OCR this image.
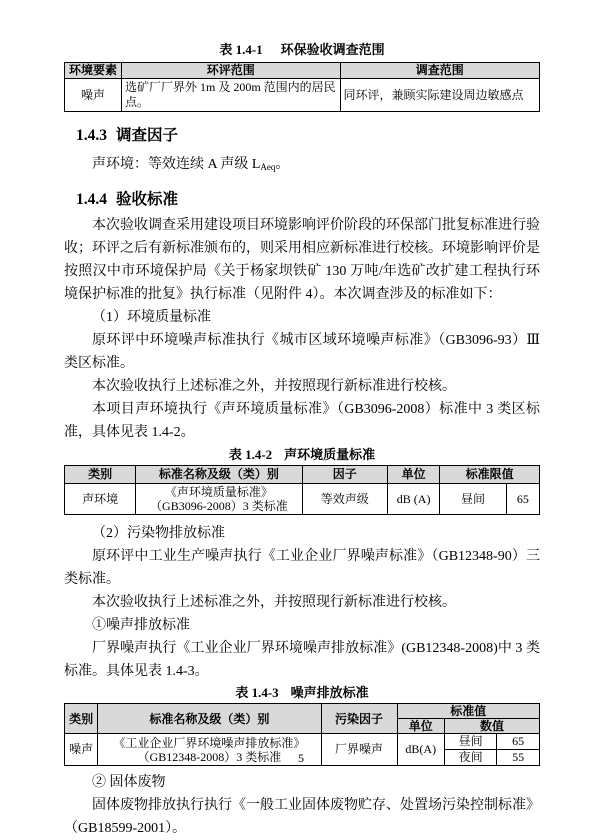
表 1.4-1 环保验收调查范围
环境要素	环评范围	调查范围
噪声	选矿厂厂界外 1m 及 200m 范围内的居民点。	同环评，兼顾实际建设周边敏感点
1.4.3 调查因子

声环境：等效连续 A 声级 $L_{Aeq}$。

1.4.4 验收标准

本次验收调查采用建设项目环境影响评价阶段的环保部门批复标准进行验收；环评之后有新标准颁布的，则采用相应新标准进行校核。环境影响评价是按照汉中市环境保护局《关于杨家坝铁矿 130 万吨/年选矿改扩建工程执行环境保护标准的批复》执行标准（见附件 4）。本次调查涉及的标准如下：

（1）环境质量标准

原环评中环境噪声标准执行《城市区域环境噪声标准》（GB3096-93）Ⅲ类区标准。

本次验收执行上述标准之外，并按照现行新标准进行校核。

本项目声环境执行《声环境质量标准》（GB3096-2008）标准中 3 类区标准，具体见表 1.4-2。

表 1.4-2 声环境质量标准
类别	标准名称及级（类）别	因子	单位	标准限值	
声环境	《声环境质量标准》
（GB3096-2008）3 类标准	等效声级	dB (A)	昼间	65

（2）污染物排放标准

原环评中工业生产噪声执行《工业企业厂界噪声标准》（GB12348-90）三类标准。

本次验收执行上述标准之外，并按照现行新标准进行校核。

①噪声排放标准

厂界噪声执行《工业企业厂界环境噪声排放标准》(GB12348-2008)中 3 类标准。具体见表 1.4-3。

表 1.4-3 噪声排放标准
类别	标准名称及级（类）别	污染因子	标准值		
			单位	数值	
噪声	《工业企业厂界环境噪声排放标准》
（GB12348-2008）3 类标准	厂界噪声	dB(A)	昼间	65
				夜间	55

② 固体废物

固体废物排放执行执行《一般工业固体废物贮存、处置场污染控制标准》（GB18599-2001）。

5
